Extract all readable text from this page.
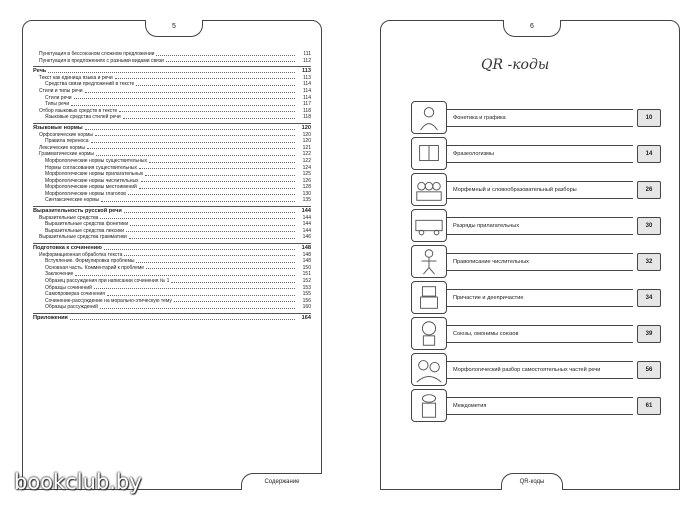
5
Пунктуация в бессоюзном сложном предложении	111
Пунктуация в предложениях с разными видами связи	112
Речь	113
Текст как единица языка и речи	113
Средства связи предложений в тексте	114
Стили и типы речи	114
Стили речи	114
Типы речи	117
Отбор языковых средств в тексте	118
Языковые средства стилей речи	118
Языковые нормы	120
Орфоэпические нормы	120
Правила переноса	120
Лексические нормы	121
Грамматические нормы	122
Морфологические нормы существительных	122
Нормы согласования существительных	124
Морфологические нормы прилагательных	125
Морфологические нормы числительных	126
Морфологические нормы местоимений	128
Морфологические нормы глаголов	130
Синтаксические нормы	135
Выразительность русской речи	144
Выразительные средства	144
Выразительные средства фонетики	144
Выразительные средства лексики	144
Выразительные средства грамматики	146
Подготовка к сочинению	148
Информационная обработка текста	148
Вступление. Формулировка проблемы	148
Основная часть. Комментарий к проблеме	150
Заключение	151
Образец рассуждения при написании сочинения № 1	152
Образцы сочинений	153
Самопроверка сочинения	155
Сочинение-рассуждение на морально-этическую тему	156
Образцы рассуждений	160
Приложения	164
Содержание
6
QR -коды
Фонетика и графика	10
Фразеологизмы	14
Морфемный и словообразовательный разборы	26
Разряды прилагательных	30
Правописание числительных	32
Причастие и деепричастие	34
Союзы, омонимы союзов	39
Морфологический разбор самостоятельных частей речи	56
Междометия	61
QR-коды
bookclub.by
